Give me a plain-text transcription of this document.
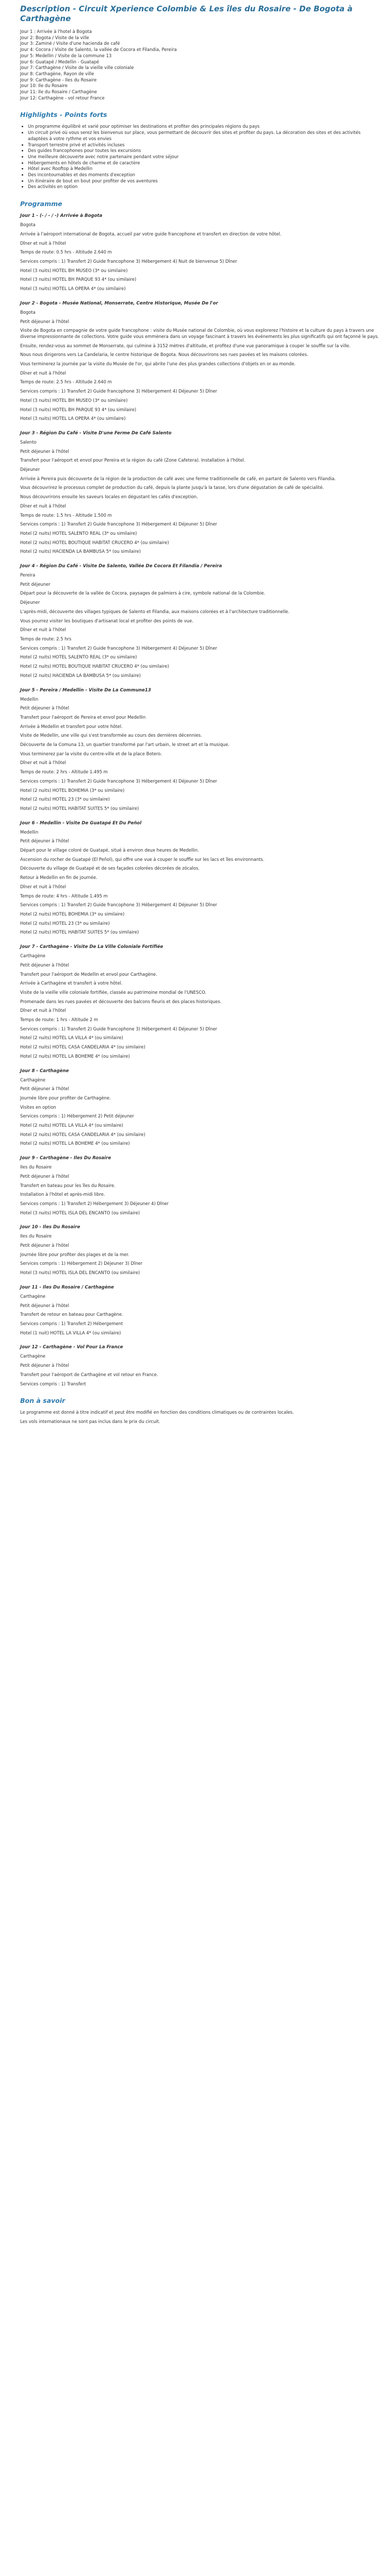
Description - Circuit Xperience Colombie & Les îles du Rosaire - De Bogota à Carthagène
Jour 1 : Arrivée à l'hotel à Bogota
Jour 2: Bogota / Visite de la ville
Jour 3: Zaminé / Visite d'une hacienda de café
Jour 4: Cocora / Visite de Salento, la vallée de Cocora et Filandia, Pereira
Jour 5: Medellin / Visite de la commune 13
Jour 6: Guatapé / Medellin - Guatapé
Jour 7: Carthagène / Visite de la vieille ville coloniale
Jour 8: Carthagène, Rayon de ville
Jour 9: Carthagène - Iles du Rosaire
Jour 10: Ile du Rosaire
Jour 11: Ile du Rosaire / Carthagène
Jour 12: Carthagène - vol retour France
Highlights - Points forts
• Un programme équilibré et varié pour optimiser les destinations et profiter des principales régions du pays
• Un circuit privé où vous serez les bienvenus sur place, vous permettant de découvrir des sites et profiter du pays. La décoration des sites et des activités adaptées à votre rythme et vos envies
• Transport terrestre privé et activités incluses
• Des guides francophones pour toutes les excursions
• Une meilleure découverte avec notre partenaire pendant votre séjour
• Hébergements en hôtels de charme et de caractère
• Hôtel avec Rooftop à Medellin
• Des incontournables et des moments d'exception
• Un itinéraire de bout en bout pour profiter de vos aventures
• Des activités en option
Programme
Jour 1 - (- / - / -) Arrivée à Bogota

Bogota

Arrivée à l'aéroport international de Bogota, accueil par votre guide francophone et transfert en direction de votre hôtel.

Dîner et nuit à l'hôtel

Temps de route: 0.5 hrs - Altitude 2.640 m

Services compris : 1) Transfert 2) Guide francophone 3) Hébergement 4) Nuit de bienvenue 5) Dîner

Hotel (3 nuits) HOTEL BH MUSEO (3* ou similaire)

Hotel (3 nuits) HOTEL BH PARQUE 93 4* (ou similaire)

Hotel (3 nuits) HOTEL LA OPERA 4* (ou similaire)

Jour 2 - Bogota - Musée National, Monserrate, Centre Historique, Musée De l'or

Bogota

Petit déjeuner à l'hôtel

Visite de Bogota en compagnie de votre guide francophone : visite du Musée national de Colombie, où vous explorerez l'histoire et la culture du pays à travers une diverse impressionnante de collections. Votre guide vous emmènera dans un voyage fascinant à travers les événements les plus significatifs qui ont façonné le pays.

Ensuite, rendez-vous au sommet de Monserrate, qui culmine à 3152 mètres d'altitude, et profitez d'une vue panoramique à couper le souffle sur la ville.

Nous nous dirigerons vers La Candelaria, le centre historique de Bogota. Nous découvrirons ses rues pavées et les maisons colorées.

Vous terminerez la journée par la visite du Musée de l'or, qui abrite l'une des plus grandes collections d'objets en or au monde.

Dîner et nuit à l'hôtel

Temps de route: 2.5 hrs - Altitude 2.640 m

Services compris : 1) Transfert 2) Guide francophone 3) Hébergement 4) Déjeuner 5) Dîner

Hotel (3 nuits) HOTEL BH MUSEO (3* ou similaire)

Hotel (3 nuits) HOTEL BH PARQUE 93 4* (ou similaire)

Hotel (3 nuits) HOTEL LA OPERA 4* (ou similaire)

Jour 3 - Région Du Café - Visite D'une Ferme De Café Salento

Salento

Petit déjeuner à l'hôtel

Transfert pour l'aéroport et envol pour Pereira et la région du café (Zone Cafetera). Installation à l'hôtel.

Déjeuner

Arrivée à Pereira puis découverte de la région de la production de café avec une ferme traditionnelle de café, en partant de Salento vers Filandia.

Vous découvrirez le processus complet de production du café, depuis la plante jusqu'à la tasse, lors d'une dégustation de café de spécialité.

Nous découvrirons ensuite les saveurs locales en dégustant les cafés d'exception.

Dîner et nuit à l'hôtel

Temps de route: 1.5 hrs - Altitude 1.500 m

Services compris : 1) Transfert 2) Guide francophone 3) Hébergement 4) Déjeuner 5) Dîner

Hotel (2 nuits) HOTEL SALENTO REAL (3* ou similaire)

Hotel (2 nuits) HOTEL BOUTIQUE HABITAT CRUCERO 4* (ou similaire)

Hotel (2 nuits) HACIENDA LA BAMBUSA 5* (ou similaire)

Jour 4 - Région Du Café - Visite De Salento, Vallée De Cocora Et Filandia / Pereira

Pereira

Petit déjeuner

Départ pour la découverte de la vallée de Cocora, paysages de palmiers à cire, symbole national de la Colombie.

Déjeuner

L'après-midi, découverte des villages typiques de Salento et Filandia, aux maisons colorées et à l'architecture traditionnelle.

Vous pourrez visiter les boutiques d'artisanat local et profiter des points de vue.

Dîner et nuit à l'hôtel

Temps de route: 2.5 hrs

Services compris : 1) Transfert 2) Guide francophone 3) Hébergement 4) Déjeuner 5) Dîner

Hotel (2 nuits) HOTEL SALENTO REAL (3* ou similaire)

Hotel (2 nuits) HOTEL BOUTIQUE HABITAT CRUCERO 4* (ou similaire)

Hotel (2 nuits) HACIENDA LA BAMBUSA 5* (ou similaire)

Jour 5 - Pereira / Medellin - Visite De La Commune13

Medellin

Petit déjeuner à l'hôtel

Transfert pour l'aéroport de Pereira et envol pour Medellin

Arrivée à Medellin et transfert pour votre hôtel.

Visite de Medellin, une ville qui s'est transformée au cours des dernières décennies.

Découverte de la Comuna 13, un quartier transformé par l'art urbain, le street art et la musique.

Vous terminerez par la visite du centre-ville et de la place Botero.

Dîner et nuit à l'hôtel

Temps de route: 2 hrs - Altitude 1.495 m

Services compris : 1) Transfert 2) Guide francophone 3) Hébergement 4) Déjeuner 5) Dîner

Hotel (2 nuits) HOTEL BOHEMIA (3* ou similaire)

Hotel (2 nuits) HOTEL 23 (3* ou similaire)

Hotel (2 nuits) HOTEL HABITAT SUITES 5* (ou similaire)

Jour 6 - Medellin - Visite De Guatapé Et Du Peñol

Medellin

Petit déjeuner à l'hôtel

Départ pour le village coloré de Guatapé, situé à environ deux heures de Medellin.

Ascension du rocher de Guatapé (El Peñol), qui offre une vue à couper le souffle sur les lacs et îles environnants.

Découverte du village de Guatapé et de ses façades colorées décorées de zócalos.

Retour à Medellin en fin de journée.

Dîner et nuit à l'hôtel

Temps de route: 4 hrs - Altitude 1.495 m

Services compris : 1) Transfert 2) Guide francophone 3) Hébergement 4) Déjeuner 5) Dîner

Hotel (2 nuits) HOTEL BOHEMIA (3* ou similaire)

Hotel (2 nuits) HOTEL 23 (3* ou similaire)

Hotel (2 nuits) HOTEL HABITAT SUITES 5* (ou similaire)

Jour 7 - Carthagène - Visite De La Ville Coloniale Fortifiée

Carthagène

Petit déjeuner à l'hôtel

Transfert pour l'aéroport de Medellin et envol pour Carthagène.

Arrivée à Carthagène et transfert à votre hôtel.

Visite de la vieille ville coloniale fortifiée, classée au patrimoine mondial de l'UNESCO.

Promenade dans les rues pavées et découverte des balcons fleuris et des places historiques.

Dîner et nuit à l'hôtel

Temps de route: 1 hrs - Altitude 2 m

Services compris : 1) Transfert 2) Guide francophone 3) Hébergement 4) Déjeuner 5) Dîner

Hotel (2 nuits) HOTEL LA VILLA 4* (ou similaire)

Hotel (2 nuits) HOTEL CASA CANDELARIA 4* (ou similaire)

Hotel (2 nuits) HOTEL LA BOHEME 4* (ou similaire)

Jour 8 - Carthagène

Carthagène

Petit déjeuner à l'hôtel

Journée libre pour profiter de Carthagène.

Visites en option

Services compris : 1) Hébergement 2) Petit déjeuner

Hotel (2 nuits) HOTEL LA VILLA 4* (ou similaire)

Hotel (2 nuits) HOTEL CASA CANDELARIA 4* (ou similaire)

Hotel (2 nuits) HOTEL LA BOHEME 4* (ou similaire)

Jour 9 - Carthagène - Iles Du Rosaire

Iles du Rosaire

Petit déjeuner à l'hôtel

Transfert en bateau pour les îles du Rosaire.

Installation à l'hôtel et après-midi libre.

Services compris : 1) Transfert 2) Hébergement 3) Déjeuner 4) Dîner

Hotel (3 nuits) HOTEL ISLA DEL ENCANTO (ou similaire)

Jour 10 - Iles Du Rosaire

Iles du Rosaire

Petit déjeuner à l'hôtel

Journée libre pour profiter des plages et de la mer.

Services compris : 1) Hébergement 2) Déjeuner 3) Dîner

Hotel (3 nuits) HOTEL ISLA DEL ENCANTO (ou similaire)

Jour 11 - Iles Du Rosaire / Carthagène

Carthagène

Petit déjeuner à l'hôtel

Transfert de retour en bateau pour Carthagène.

Services compris : 1) Transfert 2) Hébergement

Hotel (1 nuit) HOTEL LA VILLA 4* (ou similaire)

Jour 12 - Carthagène - Vol Pour La France

Carthagène

Petit déjeuner à l'hôtel

Transfert pour l'aéroport de Carthagène et vol retour en France.

Services compris : 1) Transfert

Bon à savoir

Le programme est donné à titre indicatif et peut être modifié en fonction des conditions climatiques ou de contraintes locales.

Les vols internationaux ne sont pas inclus dans le prix du circuit.
